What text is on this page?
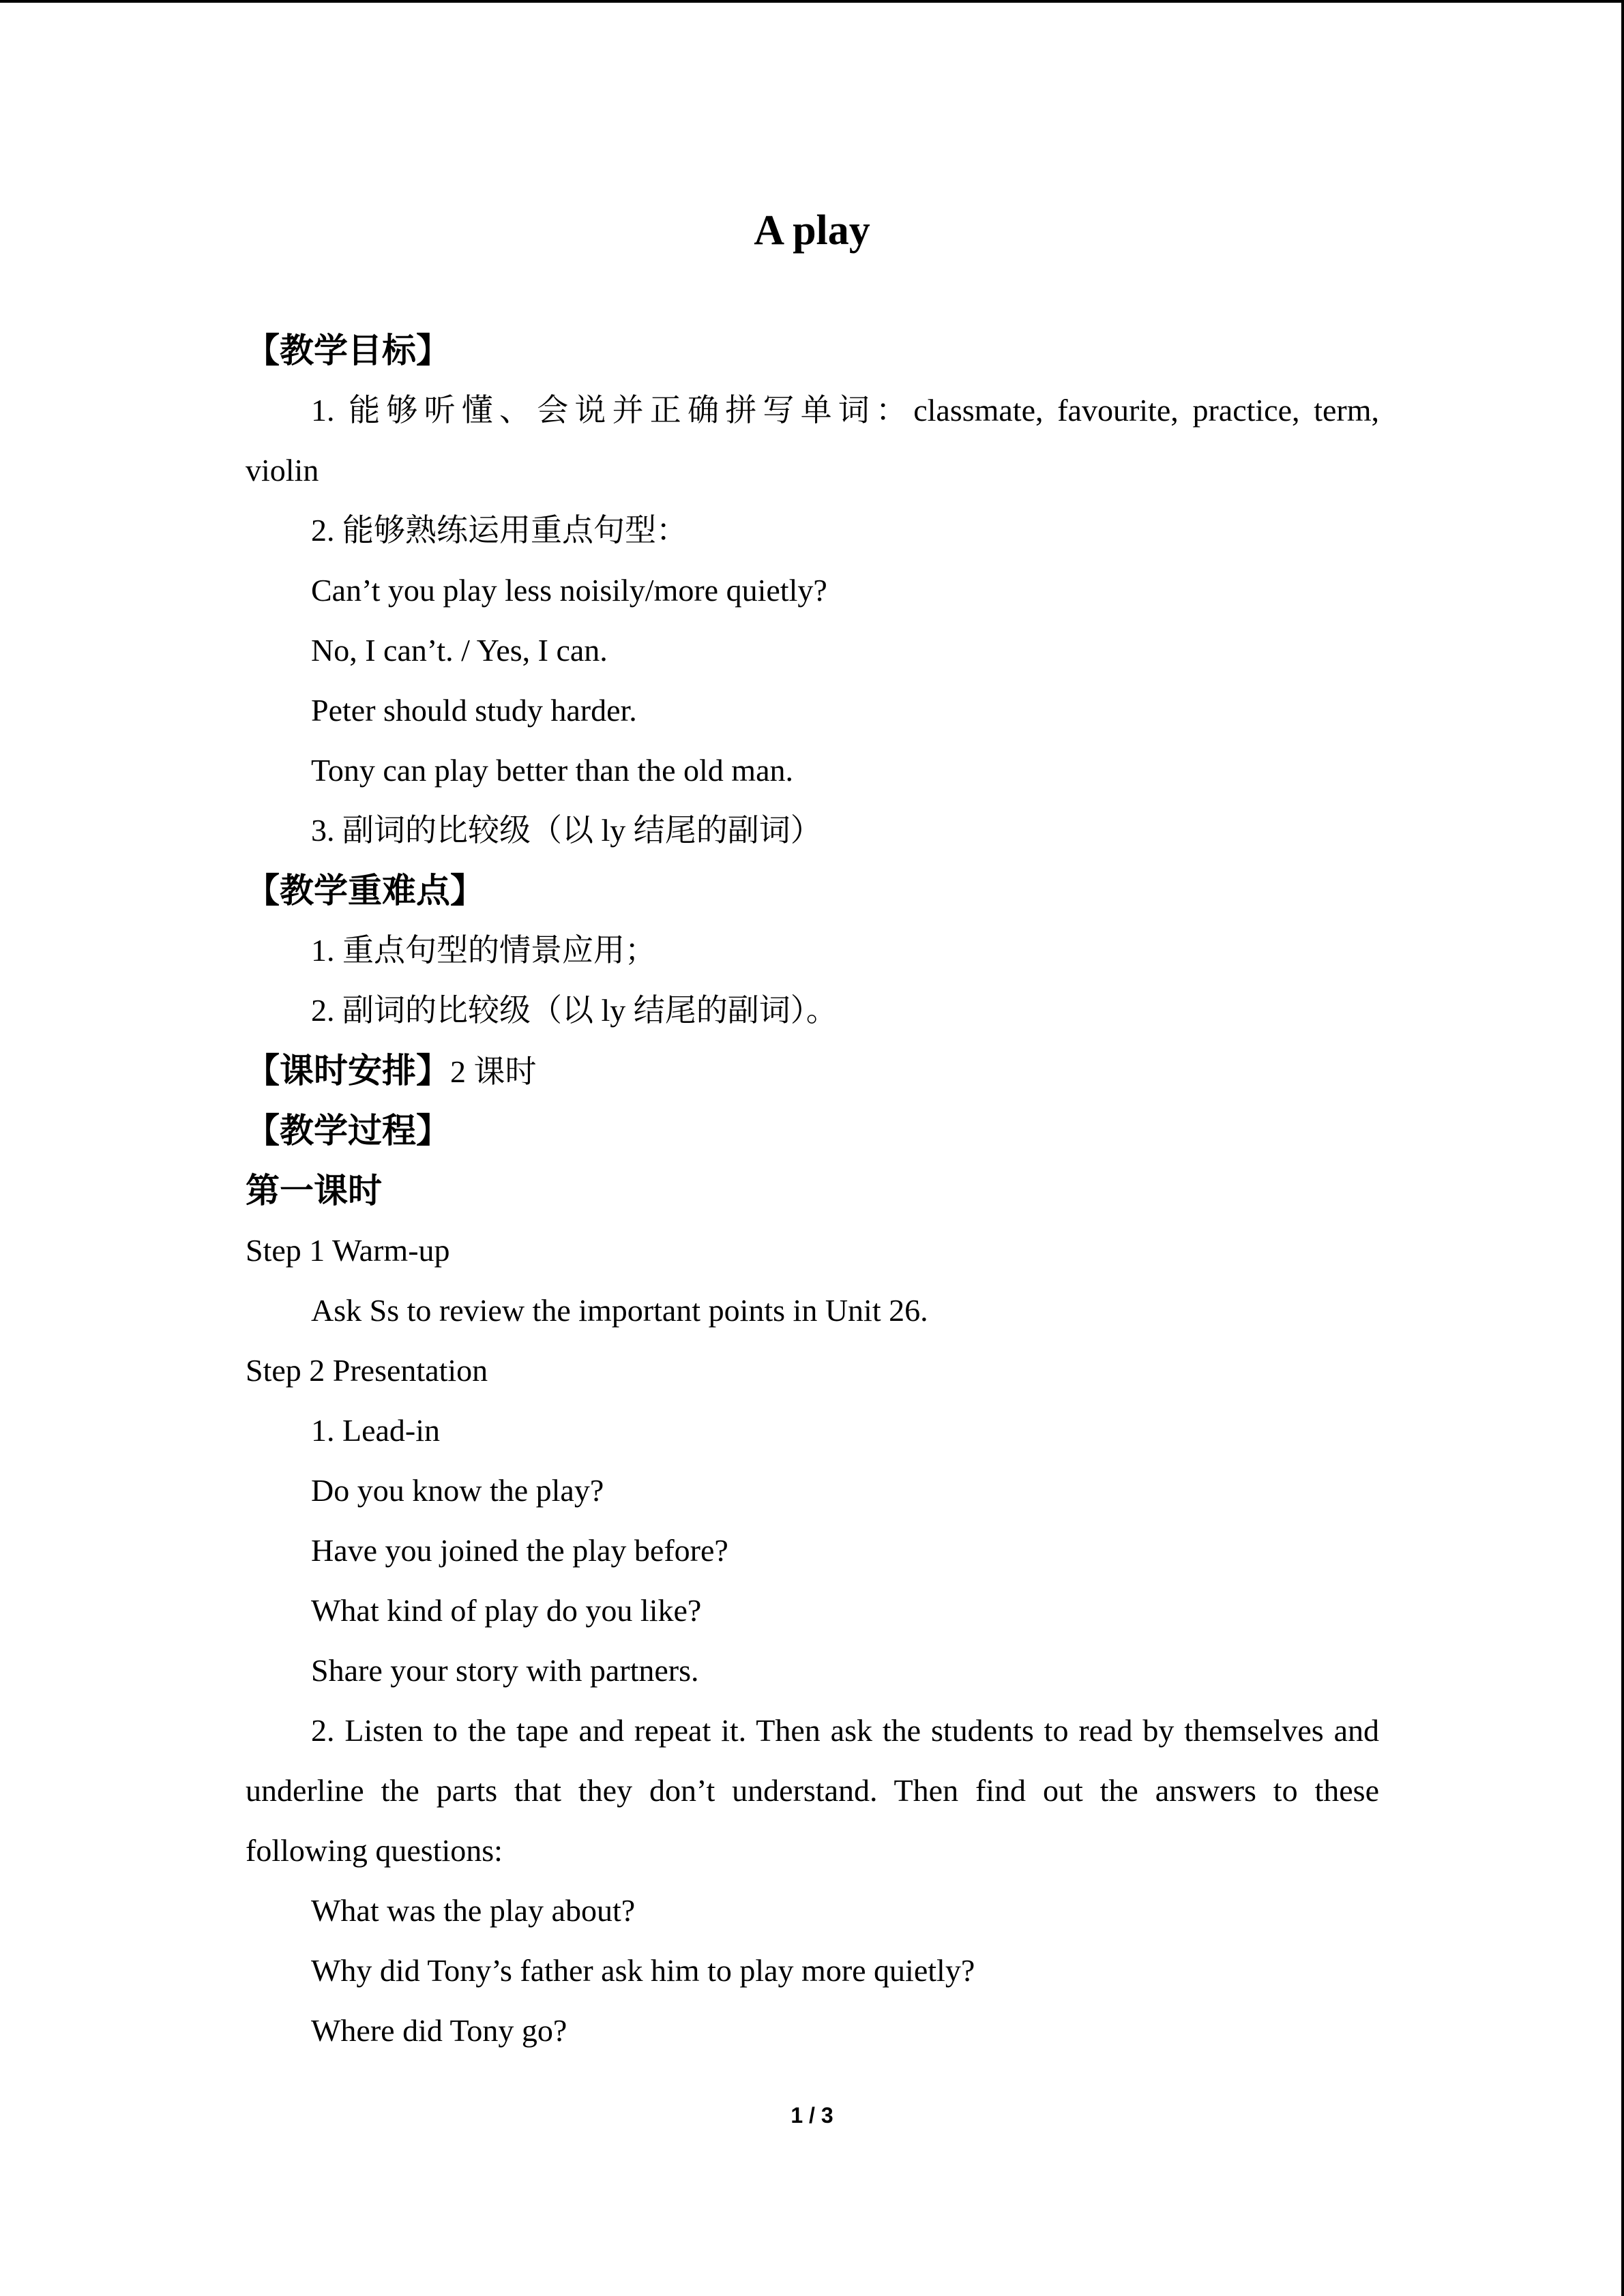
A play
【教学目标】
1. 能够听懂、会说并正确拼写单词：classmate, favourite, practice, term,
violin
2. 能够熟练运用重点句型：
Can’t you play less noisily/more quietly?
No, I can’t. / Yes, I can.
Peter should study harder.
Tony can play better than the old man.
3. 副词的比较级（以 ly 结尾的副词）
【教学重难点】
1. 重点句型的情景应用；
2. 副词的比较级（以 ly 结尾的副词）。
【课时安排】2 课时
【教学过程】
第一课时
Step 1 Warm-up
Ask Ss to review the important points in Unit 26.
Step 2 Presentation
1. Lead-in
Do you know the play?
Have you joined the play before?
What kind of play do you like?
Share your story with partners.
2. Listen to the tape and repeat it. Then ask the students to read by themselves and
underline the parts that they don’t understand. Then find out the answers to these
following questions:
What was the play about?
Why did Tony’s father ask him to play more quietly?
Where did Tony go?
1 / 3
